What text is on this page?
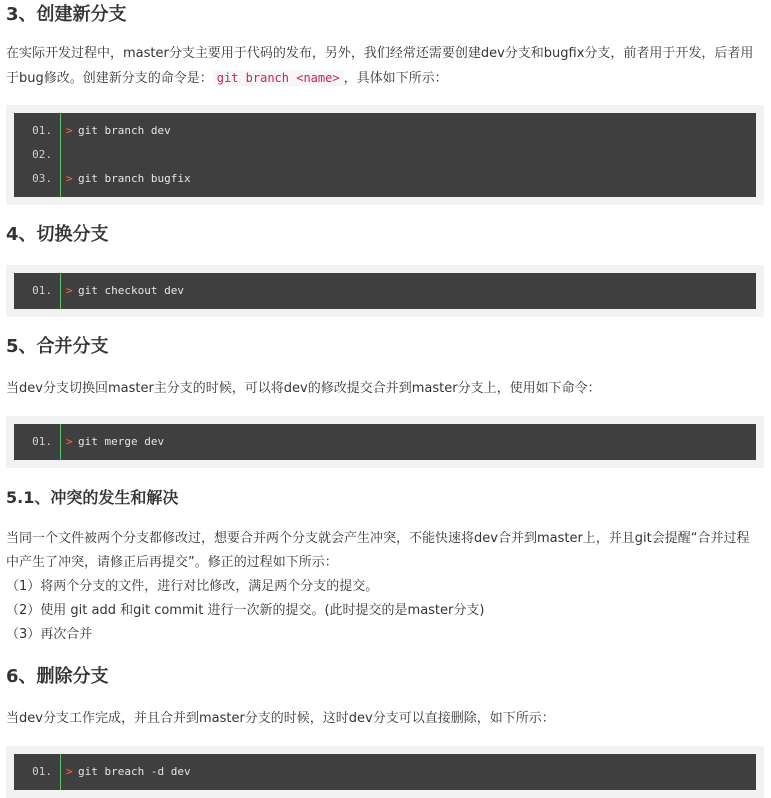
3、创建新分支

在实际开发过程中，master分支主要用于代码的发布，另外，我们经常还需要创建dev分支和bugfix分支，前者用于开发，后者用于bug修改。创建新分支的命令是： git branch <name> ，具体如下所示：

01. > git branch dev
02.
03. > git branch bugfix
4、切换分支
01. > git checkout dev
5、合并分支

当dev分支切换回master主分支的时候，可以将dev的修改提交合并到master分支上，使用如下命令：

01. > git merge dev
5.1、冲突的发生和解决

当同一个文件被两个分支都修改过，想要合并两个分支就会产生冲突，不能快速将dev合并到master上，并且git会提醒“合并过程中产生了冲突，请修正后再提交”。修正的过程如下所示：

（1）将两个分支的文件，进行对比修改，满足两个分支的提交。

（2）使用 git add 和git commit 进行一次新的提交。(此时提交的是master分支)

（3）再次合并

6、删除分支

当dev分支工作完成，并且合并到master分支的时候，这时dev分支可以直接删除，如下所示：

01. > git breach -d dev
